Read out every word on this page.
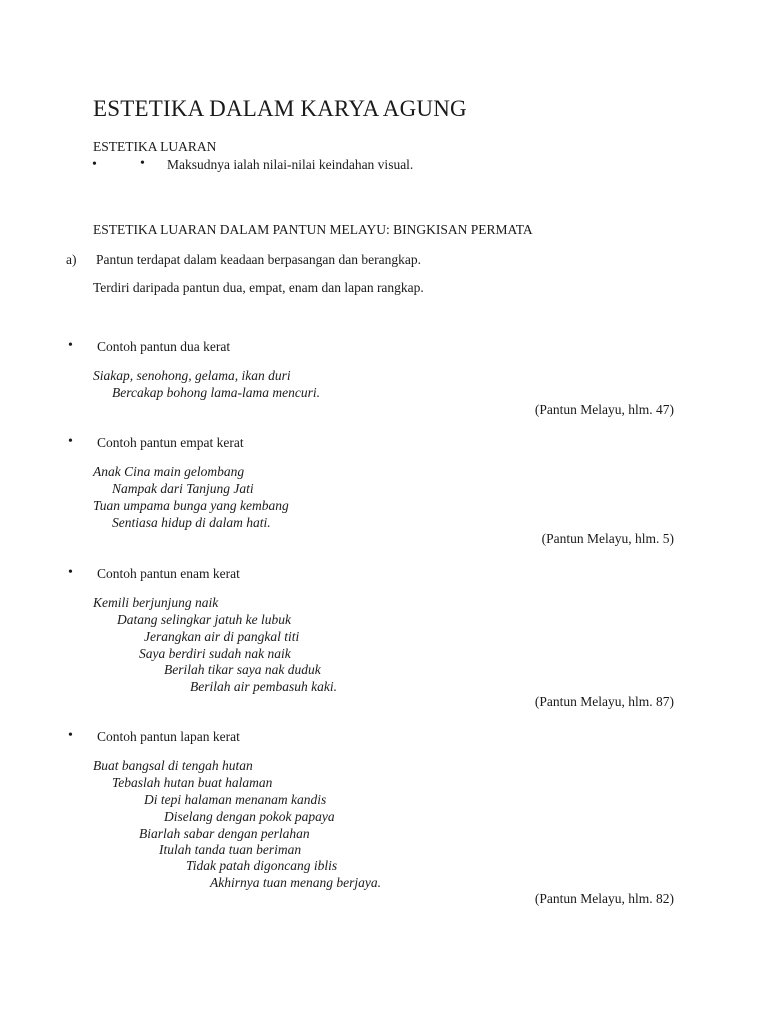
ESTETIKA DALAM KARYA AGUNG
ESTETIKA LUARAN
•	• Maksudnya ialah nilai-nilai keindahan visual.
ESTETIKA LUARAN DALAM PANTUN MELAYU: BINGKISAN PERMATA
a) Pantun terdapat dalam keadaan berpasangan dan berangkap.
Terdiri daripada pantun dua, empat, enam dan lapan rangkap.
• Contoh pantun dua kerat
Siakap, senohong, gelama, ikan duri
Bercakap bohong lama-lama mencuri.
(Pantun Melayu, hlm. 47)
• Contoh pantun empat kerat
Anak Cina main gelombang
Nampak dari Tanjung Jati
Tuan umpama bunga yang kembang
Sentiasa hidup di dalam hati.
(Pantun Melayu, hlm. 5)
• Contoh pantun enam kerat
Kemili berjunjung naik
Datang selingkar jatuh ke lubuk
Jerangkan air di pangkal titi
Saya berdiri sudah nak naik
Berilah tikar saya nak duduk
Berilah air pembasuh kaki.
(Pantun Melayu, hlm. 87)
• Contoh pantun lapan kerat
Buat bangsal di tengah hutan
Tebaslah hutan buat halaman
Di tepi halaman menanam kandis
Diselang dengan pokok papaya
Biarlah sabar dengan perlahan
Itulah tanda tuan beriman
Tidak patah digoncang iblis
Akhirnya tuan menang berjaya.
(Pantun Melayu, hlm. 82)
